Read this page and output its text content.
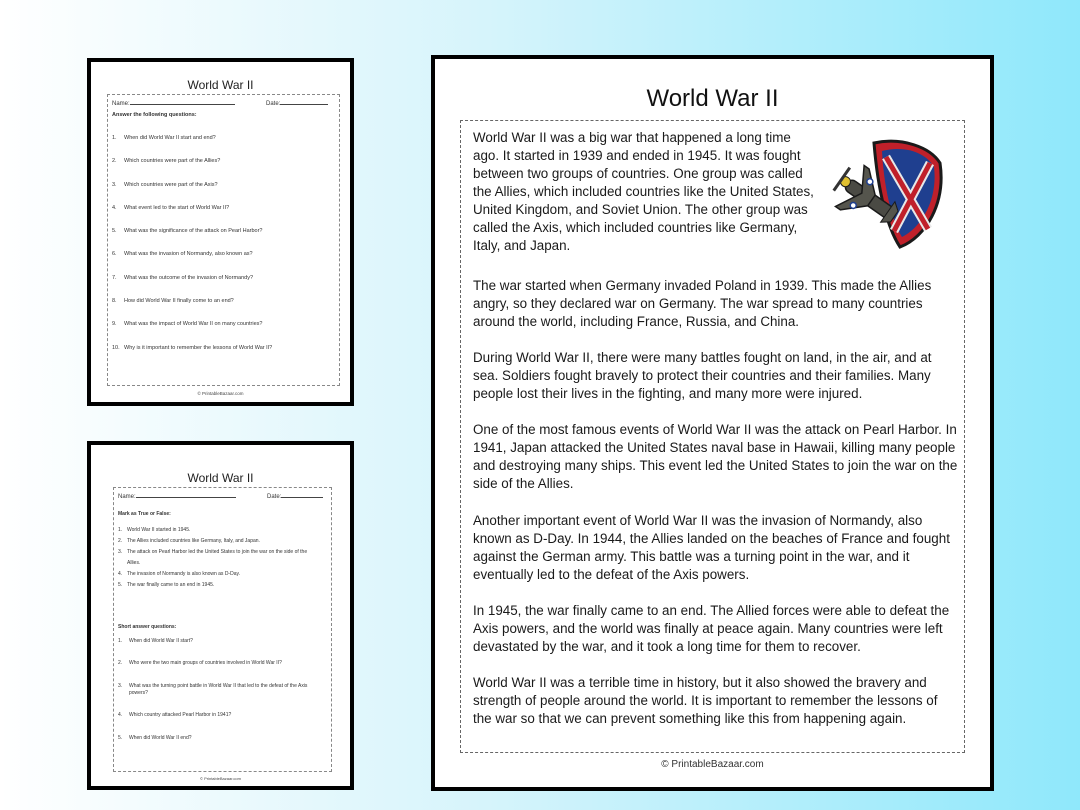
World War II
Name:	Date:
Answer the following questions:
1. When did World War II start and end?
2. Which countries were part of the Allies?
3. Which countries were part of the Axis?
4. What event led to the start of World War II?
5. What was the significance of the attack on Pearl Harbor?
6. What was the invasion of Normandy, also known as?
7. What was the outcome of the invasion of Normandy?
8. How did World War II finally come to an end?
9. What was the impact of World War II on many countries?
10. Why is it important to remember the lessons of World War II?
© PrintableBazaar.com
World War II
Name:	Date:
Mark as True or False:
1. World War II started in 1945.
2. The Allies included countries like Germany, Italy, and Japan.
3. The attack on Pearl Harbor led the United States to join the war on the side of the Allies.
4. The invasion of Normandy is also known as D-Day.
5. The war finally came to an end in 1945.
Short answer questions:
1. When did World War II start?
2. Who were the two main groups of countries involved in World War II?
3. What was the turning point battle in World War II that led to the defeat of the Axis powers?
4. Which country attacked Pearl Harbor in 1941?
5. When did World War II end?
© PrintableBazaar.com
World War II

World War II was a big war that happened a long time ago. It started in 1939 and ended in 1945. It was fought between two groups of countries. One group was called the Allies, which included countries like the United States, United Kingdom, and Soviet Union. The other group was called the Axis, which included countries like Germany, Italy, and Japan.

The war started when Germany invaded Poland in 1939. This made the Allies angry, so they declared war on Germany. The war spread to many countries around the world, including France, Russia, and China.

During World War II, there were many battles fought on land, in the air, and at sea. Soldiers fought bravely to protect their countries and their families. Many people lost their lives in the fighting, and many more were injured.

One of the most famous events of World War II was the attack on Pearl Harbor. In 1941, Japan attacked the United States naval base in Hawaii, killing many people and destroying many ships. This event led the United States to join the war on the side of the Allies.

Another important event of World War II was the invasion of Normandy, also known as D-Day. In 1944, the Allies landed on the beaches of France and fought against the German army. This battle was a turning point in the war, and it eventually led to the defeat of the Axis powers.

In 1945, the war finally came to an end. The Allied forces were able to defeat the Axis powers, and the world was finally at peace again. Many countries were left devastated by the war, and it took a long time for them to recover.

World War II was a terrible time in history, but it also showed the bravery and strength of people around the world. It is important to remember the lessons of the war so that we can prevent something like this from happening again.

© PrintableBazaar.com
